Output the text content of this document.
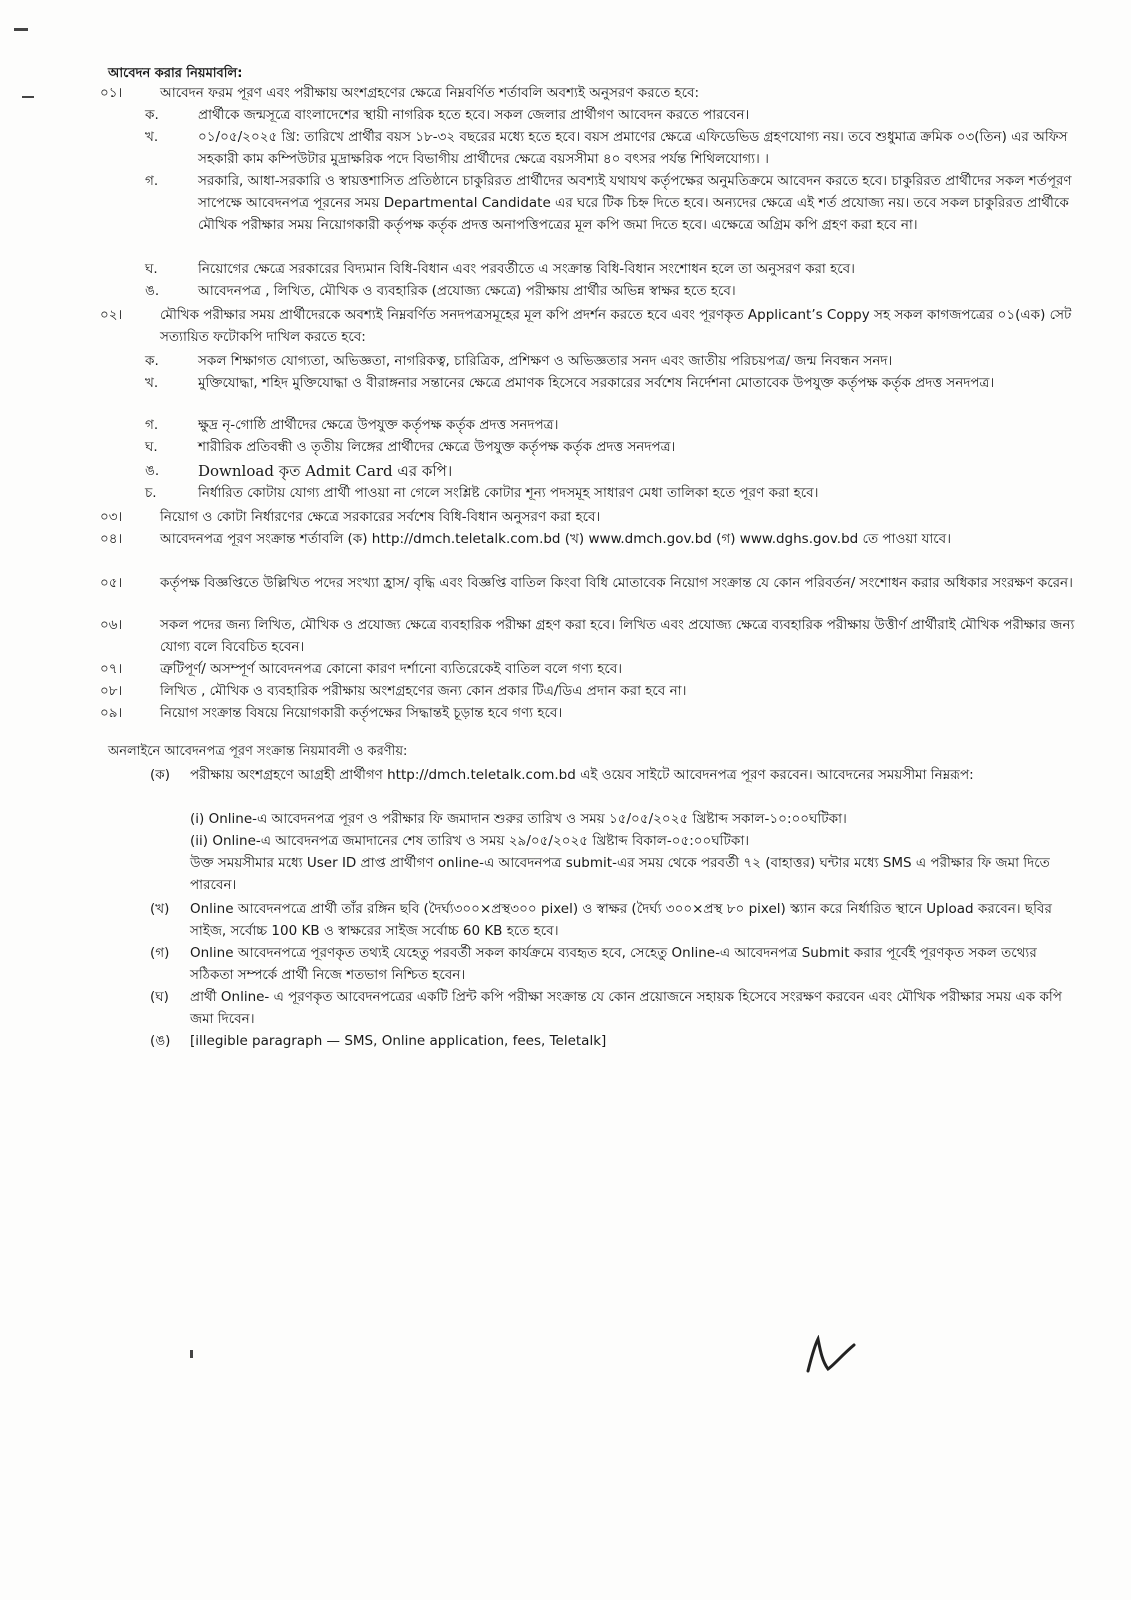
আবেদন করার নিয়মাবলি:
০১।	আবেদন ফরম পূরণ এবং পরীক্ষায় অংশগ্রহণের ক্ষেত্রে নিম্নবর্ণিত শর্তাবলি অবশ্যই অনুসরণ করতে হবে:
ক.	প্রার্থীকে জন্মসূত্রে বাংলাদেশের স্থায়ী নাগরিক হতে হবে। সকল জেলার প্রার্থীগণ আবেদন করতে পারবেন।
খ.	০১/০৫/২০২৫ খ্রি: তারিখে প্রার্থীর বয়স ১৮-৩২ বছরের মধ্যে হতে হবে। বয়স প্রমাণের ক্ষেত্রে এফিডেভিড গ্রহণযোগ্য নয়। তবে শুধুমাত্র ক্রমিক ০৩(তিন) এর অফিস সহকারী কাম কম্পিউটার মুদ্রাক্ষরিক পদে বিভাগীয় প্রার্থীদের ক্ষেত্রে বয়সসীমা ৪০ বৎসর পর্যন্ত শিথিলযোগ্য। ।
গ.	সরকারি, আধা-সরকারি ও স্বায়ত্তশাসিত প্রতিষ্ঠানে চাকুরিরত প্রার্থীদের অবশ্যই যথাযথ কর্তৃপক্ষের অনুমতিক্রমে আবেদন করতে হবে। চাকুরিরত প্রার্থীদের সকল শর্তপূরণ সাপেক্ষে আবেদনপত্র পূরনের সময় Departmental Candidate এর ঘরে টিক চিহ্ন দিতে হবে। অন্যদের ক্ষেত্রে এই শর্ত প্রযোজ্য নয়। তবে সকল চাকুরিরত প্রার্থীকে মৌখিক পরীক্ষার সময় নিয়োগকারী কর্তৃপক্ষ কর্তৃক প্রদত্ত অনাপত্তিপত্রের মূল কপি জমা দিতে হবে। এক্ষেত্রে অগ্রিম কপি গ্রহণ করা হবে না।
ঘ.	নিয়োগের ক্ষেত্রে সরকারের বিদ্যমান বিধি-বিধান এবং পরবর্তীতে এ সংক্রান্ত বিধি-বিধান সংশোধন হলে তা অনুসরণ করা হবে।
ঙ.	আবেদনপত্র , লিখিত, মৌখিক ও ব্যবহারিক (প্রযোজ্য ক্ষেত্রে) পরীক্ষায় প্রার্থীর অভিন্ন স্বাক্ষর হতে হবে।
০২।	মৌখিক পরীক্ষার সময় প্রার্থীদেরকে অবশ্যই নিম্নবর্ণিত সনদপত্রসমূহের মূল কপি প্রদর্শন করতে হবে এবং পূরণকৃত Applicant’s Coppy সহ সকল কাগজপত্রের ০১(এক) সেট সত্যায়িত ফটোকপি দাখিল করতে হবে:
ক.	সকল শিক্ষাগত যোগ্যতা, অভিজ্ঞতা, নাগরিকত্ব, চারিত্রিক, প্রশিক্ষণ ও অভিজ্ঞতার সনদ এবং জাতীয় পরিচয়পত্র/ জন্ম নিবন্ধন সনদ।
খ.	মুক্তিযোদ্ধা, শহিদ মুক্তিযোদ্ধা ও বীরাঙ্গনার সন্তানের ক্ষেত্রে প্রমাণক হিসেবে সরকারের সর্বশেষ নির্দেশনা মোতাবেক উপযুক্ত কর্তৃপক্ষ কর্তৃক প্রদত্ত সনদপত্র।
গ.	ক্ষুদ্র নৃ-গোষ্ঠি প্রার্থীদের ক্ষেত্রে উপযুক্ত কর্তৃপক্ষ কর্তৃক প্রদত্ত সনদপত্র।
ঘ.	শারীরিক প্রতিবন্ধী ও তৃতীয় লিঙ্গের প্রার্থীদের ক্ষেত্রে উপযুক্ত কর্তৃপক্ষ কর্তৃক প্রদত্ত সনদপত্র।
ঙ.	Download কৃত Admit Card এর কপি।
চ.	নির্ধারিত কোটায় যোগ্য প্রার্থী পাওয়া না গেলে সংশ্লিষ্ট কোটার শূন্য পদসমূহ সাধারণ মেধা তালিকা হতে পূরণ করা হবে।
০৩।	নিয়োগ ও কোটা নির্ধারণের ক্ষেত্রে সরকারের সর্বশেষ বিধি-বিধান অনুসরণ করা হবে।
০৪।	আবেদনপত্র পূরণ সংক্রান্ত শর্তাবলি (ক) http://dmch.teletalk.com.bd (খ) www.dmch.gov.bd (গ) www.dghs.gov.bd তে পাওয়া যাবে।
০৫।	কর্তৃপক্ষ বিজ্ঞপ্তিতে উল্লিখিত পদের সংখ্যা হ্রাস/ বৃদ্ধি এবং বিজ্ঞপ্তি বাতিল কিংবা বিধি মোতাবেক নিয়োগ সংক্রান্ত যে কোন পরিবর্তন/ সংশোধন করার অধিকার সংরক্ষণ করেন।
০৬।	সকল পদের জন্য লিখিত, মৌখিক ও প্রযোজ্য ক্ষেত্রে ব্যবহারিক পরীক্ষা গ্রহণ করা হবে। লিখিত এবং প্রযোজ্য ক্ষেত্রে ব্যবহারিক পরীক্ষায় উত্তীর্ণ প্রার্থীরাই মৌখিক পরীক্ষার জন্য যোগ্য বলে বিবেচিত হবেন।
০৭।	ত্রুটিপূর্ণ/ অসম্পূর্ণ আবেদনপত্র কোনো কারণ দর্শানো ব্যতিরেকেই বাতিল বলে গণ্য হবে।
০৮।	লিখিত , মৌখিক ও ব্যবহারিক পরীক্ষায় অংশগ্রহণের জন্য কোন প্রকার টিএ/ডিএ প্রদান করা হবে না।
০৯।	নিয়োগ সংক্রান্ত বিষয়ে নিয়োগকারী কর্তৃপক্ষের সিদ্ধান্তই চূড়ান্ত হবে গণ্য হবে।
অনলাইনে আবেদনপত্র পূরণ সংক্রান্ত নিয়মাবলী ও করণীয়:
(ক)	পরীক্ষায় অংশগ্রহণে আগ্রহী প্রার্থীগণ http://dmch.teletalk.com.bd এই ওয়েব সাইটে আবেদনপত্র পূরণ করবেন। আবেদনের সময়সীমা নিম্নরূপ:
(i) Online-এ আবেদনপত্র পূরণ ও পরীক্ষার ফি জমাদান শুরুর তারিখ ও সময় ১৫/০৫/২০২৫ খ্রিষ্টাব্দ সকাল-১০:০০ঘটিকা।
(ii) Online-এ আবেদনপত্র জমাদানের শেষ তারিখ ও সময় ২৯/০৫/২০২৫ খ্রিষ্টাব্দ বিকাল-০৫:০০ঘটিকা।
উক্ত সময়সীমার মধ্যে User ID প্রাপ্ত প্রার্থীগণ online-এ আবেদনপত্র submit-এর সময় থেকে পরবর্তী ৭২ (বাহাত্তর) ঘন্টার মধ্যে SMS এ পরীক্ষার ফি জমা দিতে পারবেন।
(খ)	Online আবেদনপত্রে প্রার্থী তাঁর রঙ্গিন ছবি (দৈর্ঘ্য৩০০×প্রস্থ৩০০ pixel) ও স্বাক্ষর (দৈর্ঘ্য ৩০০×প্রস্থ ৮০ pixel) স্ক্যান করে নির্ধারিত স্থানে Upload করবেন। ছবির সাইজ, সর্বোচ্চ 100 KB ও স্বাক্ষরের সাইজ সর্বোচ্চ 60 KB হতে হবে।
(গ)	Online আবেদনপত্রে পূরণকৃত তথ্যই যেহেতু পরবর্তী সকল কার্যক্রমে ব্যবহৃত হবে, সেহেতু Online-এ আবেদনপত্র Submit করার পূর্বেই পূরণকৃত সকল তথ্যের সঠিকতা সম্পর্কে প্রার্থী নিজে শতভাগ নিশ্চিত হবেন।
(ঘ)	প্রার্থী Online- এ পূরণকৃত আবেদনপত্রের একটি প্রিন্ট কপি পরীক্ষা সংক্রান্ত যে কোন প্রয়োজনে সহায়ক হিসেবে সংরক্ষণ করবেন এবং মৌখিক পরীক্ষার সময় এক কপি জমা দিবেন।
(ঙ)	[illegible paragraph — SMS, Online application, fees, Teletalk]
